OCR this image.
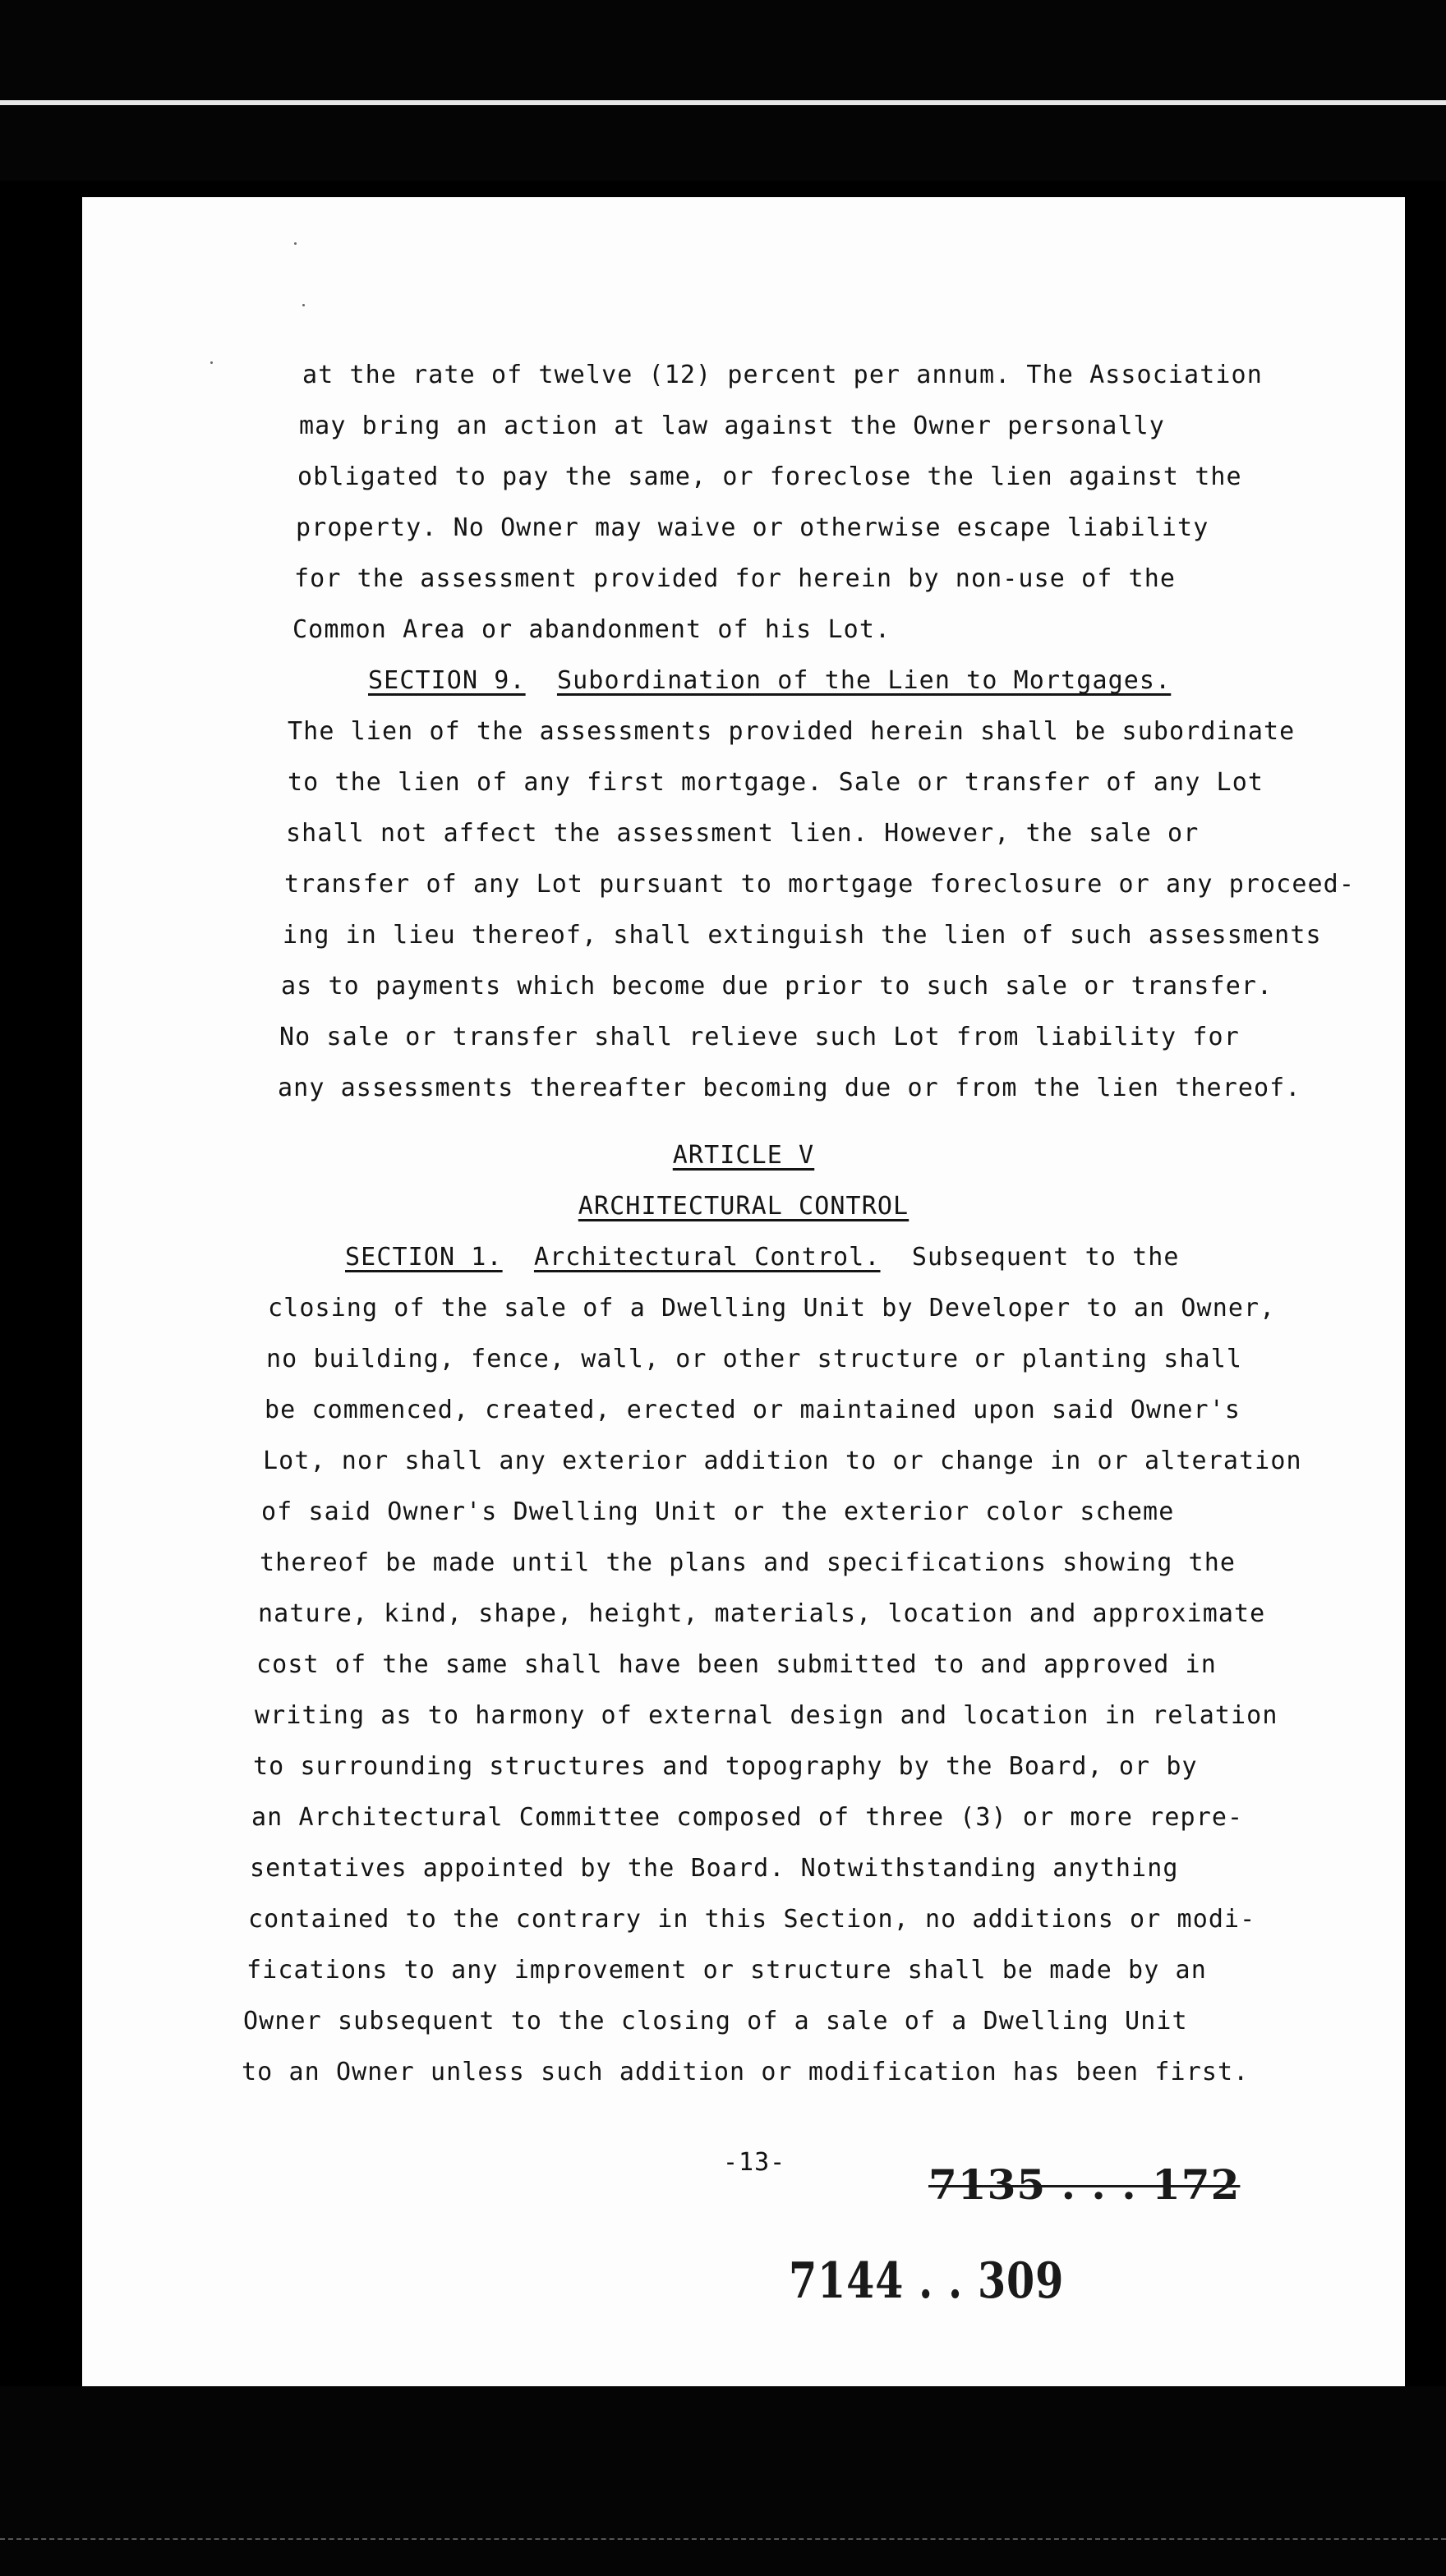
at the rate of twelve (12) percent per annum. The Association
may bring an action at law against the Owner personally
obligated to pay the same, or foreclose the lien against the
property. No Owner may waive or otherwise escape liability
for the assessment provided for herein by non-use of the
Common Area or abandonment of his Lot.
SECTION 9. Subordination of the Lien to Mortgages.
The lien of the assessments provided herein shall be subordinate
to the lien of any first mortgage. Sale or transfer of any Lot
shall not affect the assessment lien. However, the sale or
transfer of any Lot pursuant to mortgage foreclosure or any proceed-
ing in lieu thereof, shall extinguish the lien of such assessments
as to payments which become due prior to such sale or transfer.
No sale or transfer shall relieve such Lot from liability for
any assessments thereafter becoming due or from the lien thereof.
ARTICLE V
ARCHITECTURAL CONTROL
SECTION 1. Architectural Control. Subsequent to the
closing of the sale of a Dwelling Unit by Developer to an Owner,
no building, fence, wall, or other structure or planting shall
be commenced, created, erected or maintained upon said Owner's
Lot, nor shall any exterior addition to or change in or alteration
of said Owner's Dwelling Unit or the exterior color scheme
thereof be made until the plans and specifications showing the
nature, kind, shape, height, materials, location and approximate
cost of the same shall have been submitted to and approved in
writing as to harmony of external design and location in relation
to surrounding structures and topography by the Board, or by
an Architectural Committee composed of three (3) or more repre-
sentatives appointed by the Board. Notwithstanding anything
contained to the contrary in this Section, no additions or modi-
fications to any improvement or structure shall be made by an
Owner subsequent to the closing of a sale of a Dwelling Unit
to an Owner unless such addition or modification has been first.
-13-	7135 . . . 172
7144 . . 309
